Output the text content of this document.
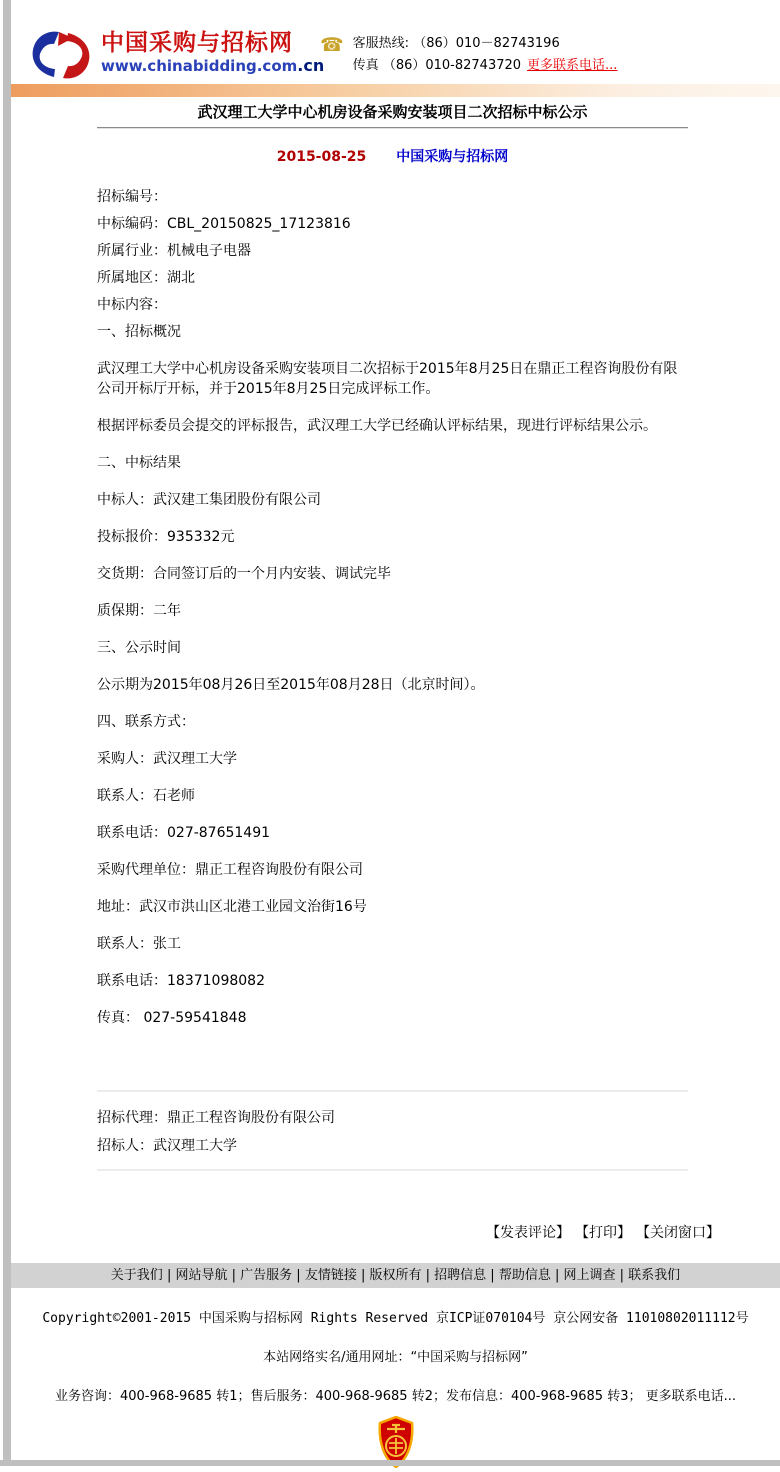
中国采购与招标网
www.chinabidding.com.cn
☎ 客服热线: （86）010－82743196
传真 （86）010-82743720 更多联系电话...
武汉理工大学中心机房设备采购安装项目二次招标中标公示
2015-08-25 中国采购与招标网

招标编号：

中标编码：CBL_20150825_17123816

所属行业：机械电子电器

所属地区：湖北

中标内容：

一、招标概况

武汉理工大学中心机房设备采购安装项目二次招标于2015年8月25日在鼎正工程咨询股份有限公司开标厅开标，并于2015年8月25日完成评标工作。

根据评标委员会提交的评标报告，武汉理工大学已经确认评标结果，现进行评标结果公示。

二、中标结果

中标人：武汉建工集团股份有限公司

投标报价：935332元

交货期：合同签订后的一个月内安装、调试完毕

质保期：二年

三、公示时间

公示期为2015年08月26日至2015年08月28日（北京时间）。

四、联系方式：

采购人：武汉理工大学

联系人：石老师

联系电话：027-87651491

采购代理单位：鼎正工程咨询股份有限公司

地址：武汉市洪山区北港工业园文治街16号

联系人：张工

联系电话：18371098082

传真： 027-59541848

招标代理：鼎正工程咨询股份有限公司

招标人：武汉理工大学

【发表评论】 【打印】 【关闭窗口】
关于我们 | 网站导航 | 广告服务 | 友情链接 | 版权所有 | 招聘信息 | 帮助信息 | 网上调查 | 联系我们

Copyright©2001-2015 中国采购与招标网 Rights Reserved 京ICP证070104号 京公网安备 11010802011112号

本站网络实名/通用网址：“中国采购与招标网”

业务咨询：400-968-9685 转1；售后服务：400-968-9685 转2；发布信息：400-968-9685 转3； 更多联系电话...
